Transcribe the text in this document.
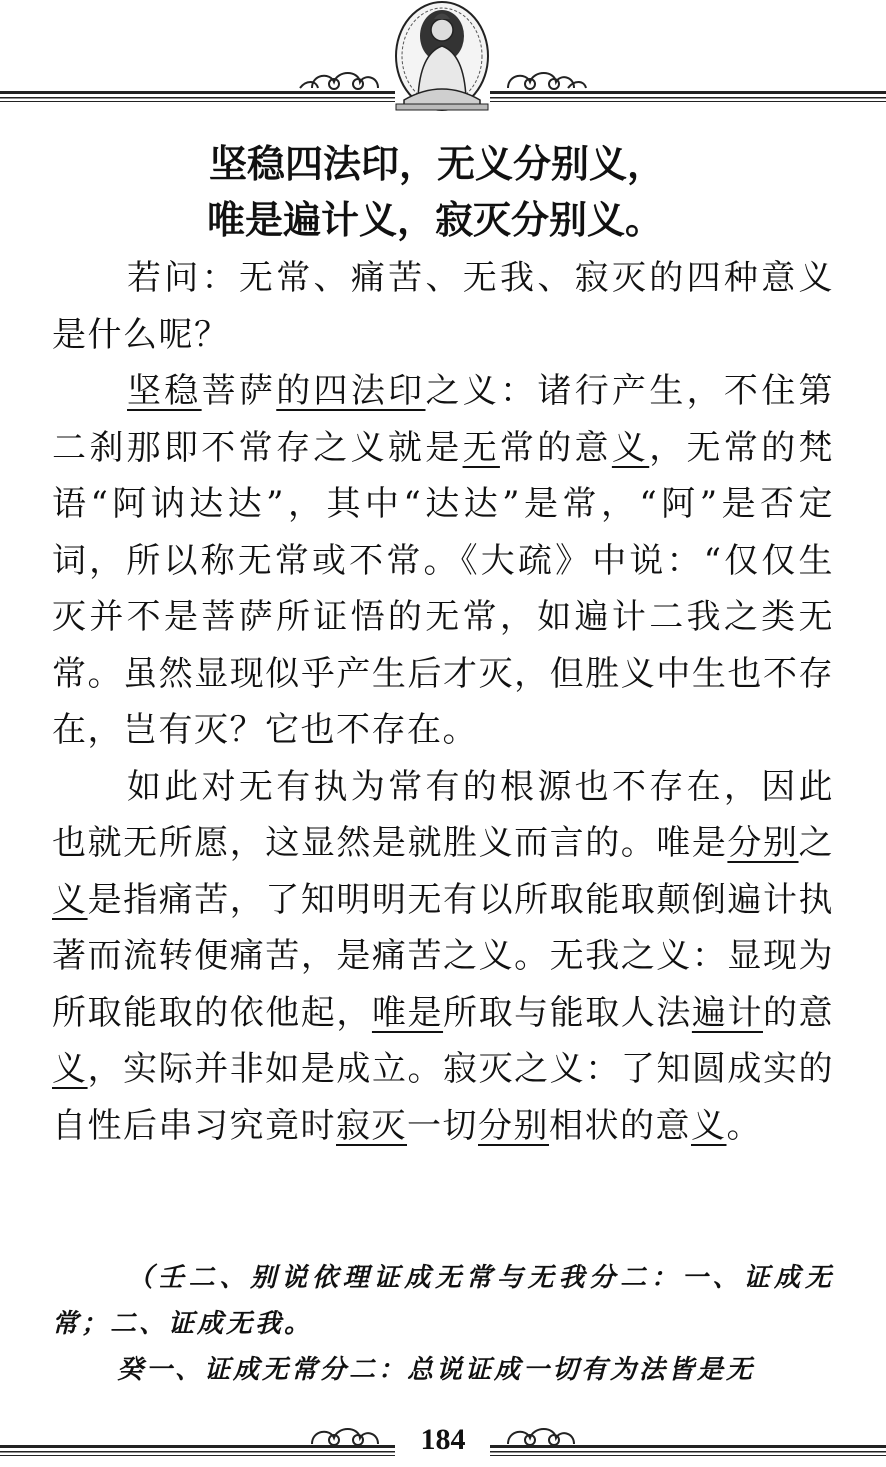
坚稳四法印，无义分别义，
唯是遍计义，寂灭分别义。

若问：无常、痛苦、无我、寂灭的四种意义是什么呢？

坚稳菩萨的四法印之义：诸行产生，不住第二刹那即不常存之义就是无常的意义，无常的梵语“阿讷达达”，其中“达达”是常，“阿”是否定词，所以称无常或不常。《大疏》中说：“仅仅生灭并不是菩萨所证悟的无常，如遍计二我之类无常。虽然显现似乎产生后才灭，但胜义中生也不存在，岂有灭？它也不存在。

如此对无有执为常有的根源也不存在，因此也就无所愿，这显然是就胜义而言的。唯是分别之义是指痛苦，了知明明无有以所取能取颠倒遍计执著而流转便痛苦，是痛苦之义。无我之义：显现为所取能取的依他起，唯是所取与能取人法遍计的意义，实际并非如是成立。寂灭之义：了知圆成实的自性后串习究竟时寂灭一切分别相状的意义。

（壬二、别说依理证成无常与无我分二：一、证成无常；二、证成无我。

癸一、证成无常分二：总说证成一切有为法皆是无

184
